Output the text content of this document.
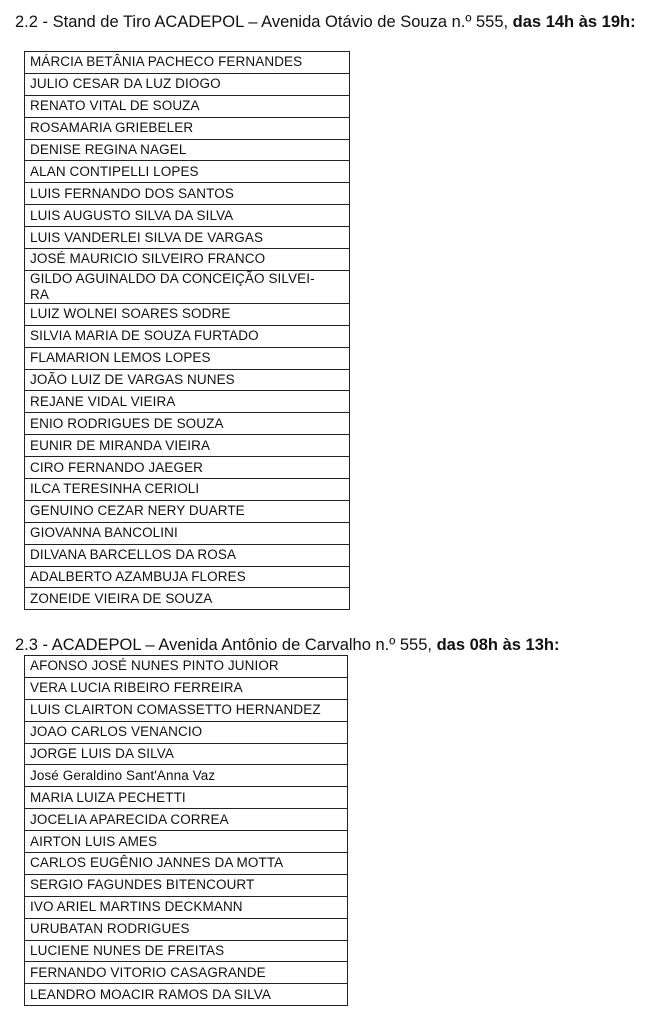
2.2 - Stand de Tiro ACADEPOL – Avenida Otávio de Souza n.º 555, das 14h às 19h:

MÁRCIA BETÂNIA PACHECO FERNANDES
JULIO CESAR DA LUZ DIOGO
RENATO VITAL DE SOUZA
ROSAMARIA GRIEBELER
DENISE REGINA NAGEL
ALAN CONTIPELLI LOPES
LUIS FERNANDO DOS SANTOS
LUIS AUGUSTO SILVA DA SILVA
LUIS VANDERLEI SILVA DE VARGAS
JOSÉ MAURICIO SILVEIRO FRANCO
GILDO AGUINALDO DA CONCEIÇÃO SILVEI-
RA
LUIZ WOLNEI SOARES SODRE
SILVIA MARIA DE SOUZA FURTADO
FLAMARION LEMOS LOPES
JOÃO LUIZ DE VARGAS NUNES
REJANE VIDAL VIEIRA
ENIO RODRIGUES DE SOUZA
EUNIR DE MIRANDA VIEIRA
CIRO FERNANDO JAEGER
ILCA TERESINHA CERIOLI
GENUINO CEZAR NERY DUARTE
GIOVANNA BANCOLINI
DILVANA BARCELLOS DA ROSA
ADALBERTO AZAMBUJA FLORES
ZONEIDE VIEIRA DE SOUZA

2.3 - ACADEPOL – Avenida Antônio de Carvalho n.º 555, das 08h às 13h:

AFONSO JOSÉ NUNES PINTO JUNIOR
VERA LUCIA RIBEIRO FERREIRA
LUIS CLAIRTON COMASSETTO HERNANDEZ
JOAO CARLOS VENANCIO
JORGE LUIS DA SILVA
José Geraldino Sant'Anna Vaz
MARIA LUIZA PECHETTI
JOCELIA APARECIDA CORREA
AIRTON LUIS AMES
CARLOS EUGÊNIO JANNES DA MOTTA
SERGIO FAGUNDES BITENCOURT
IVO ARIEL MARTINS DECKMANN
URUBATAN RODRIGUES
LUCIENE NUNES DE FREITAS
FERNANDO VITORIO CASAGRANDE
LEANDRO MOACIR RAMOS DA SILVA
